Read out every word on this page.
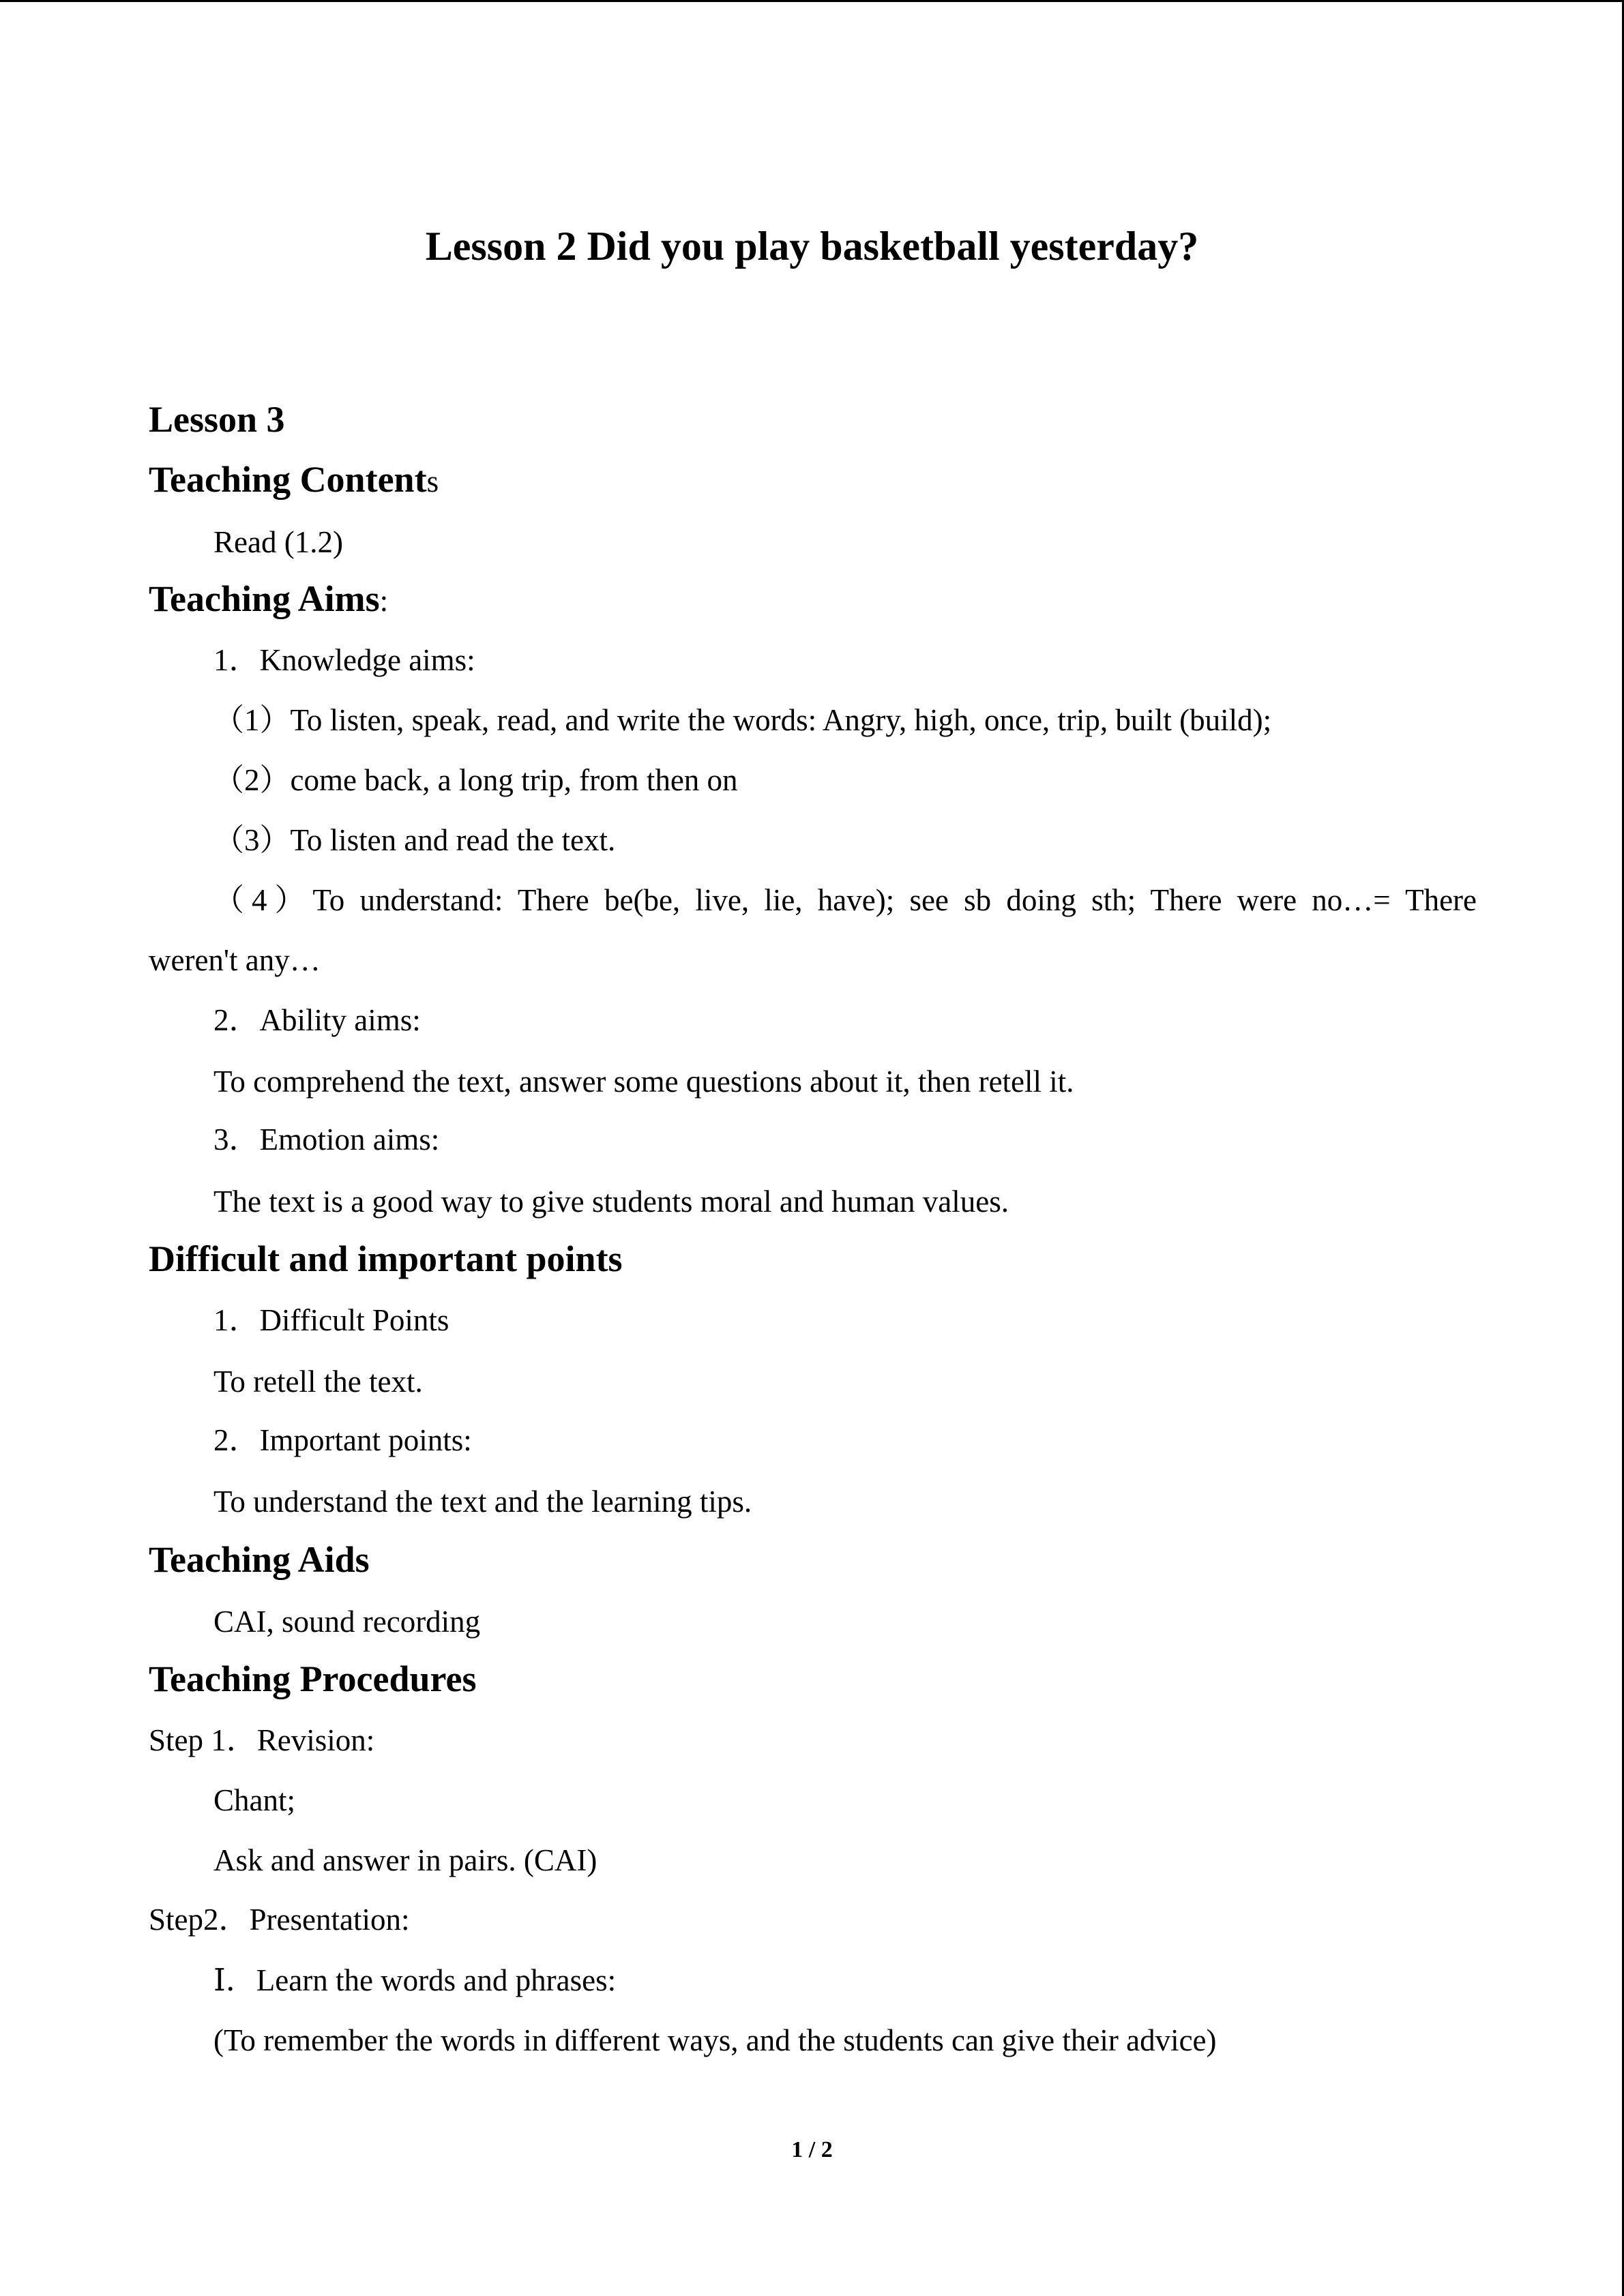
Lesson 2 Did you play basketball yesterday?
Lesson 3
Teaching Contents
Read (1.2)
Teaching Aims:
1．Knowledge aims:
（1）To listen, speak, read, and write the words: Angry, high, once, trip, built (build);
（2）come back, a long trip, from then on
（3）To listen and read the text.
（4）To understand: There be(be, live, lie, have); see sb doing sth; There were no…= There
weren't any…
2．Ability aims:
To comprehend the text, answer some questions about it, then retell it.
3．Emotion aims:
The text is a good way to give students moral and human values.
Difficult and important points
1．Difficult Points
To retell the text.
2．Important points:
To understand the text and the learning tips.
Teaching Aids
CAI, sound recording
Teaching Procedures
Step 1．Revision:
Chant;
Ask and answer in pairs. (CAI)
Step2．Presentation:
Ⅰ．Learn the words and phrases:
(To remember the words in different ways, and the students can give their advice)
1 / 2
